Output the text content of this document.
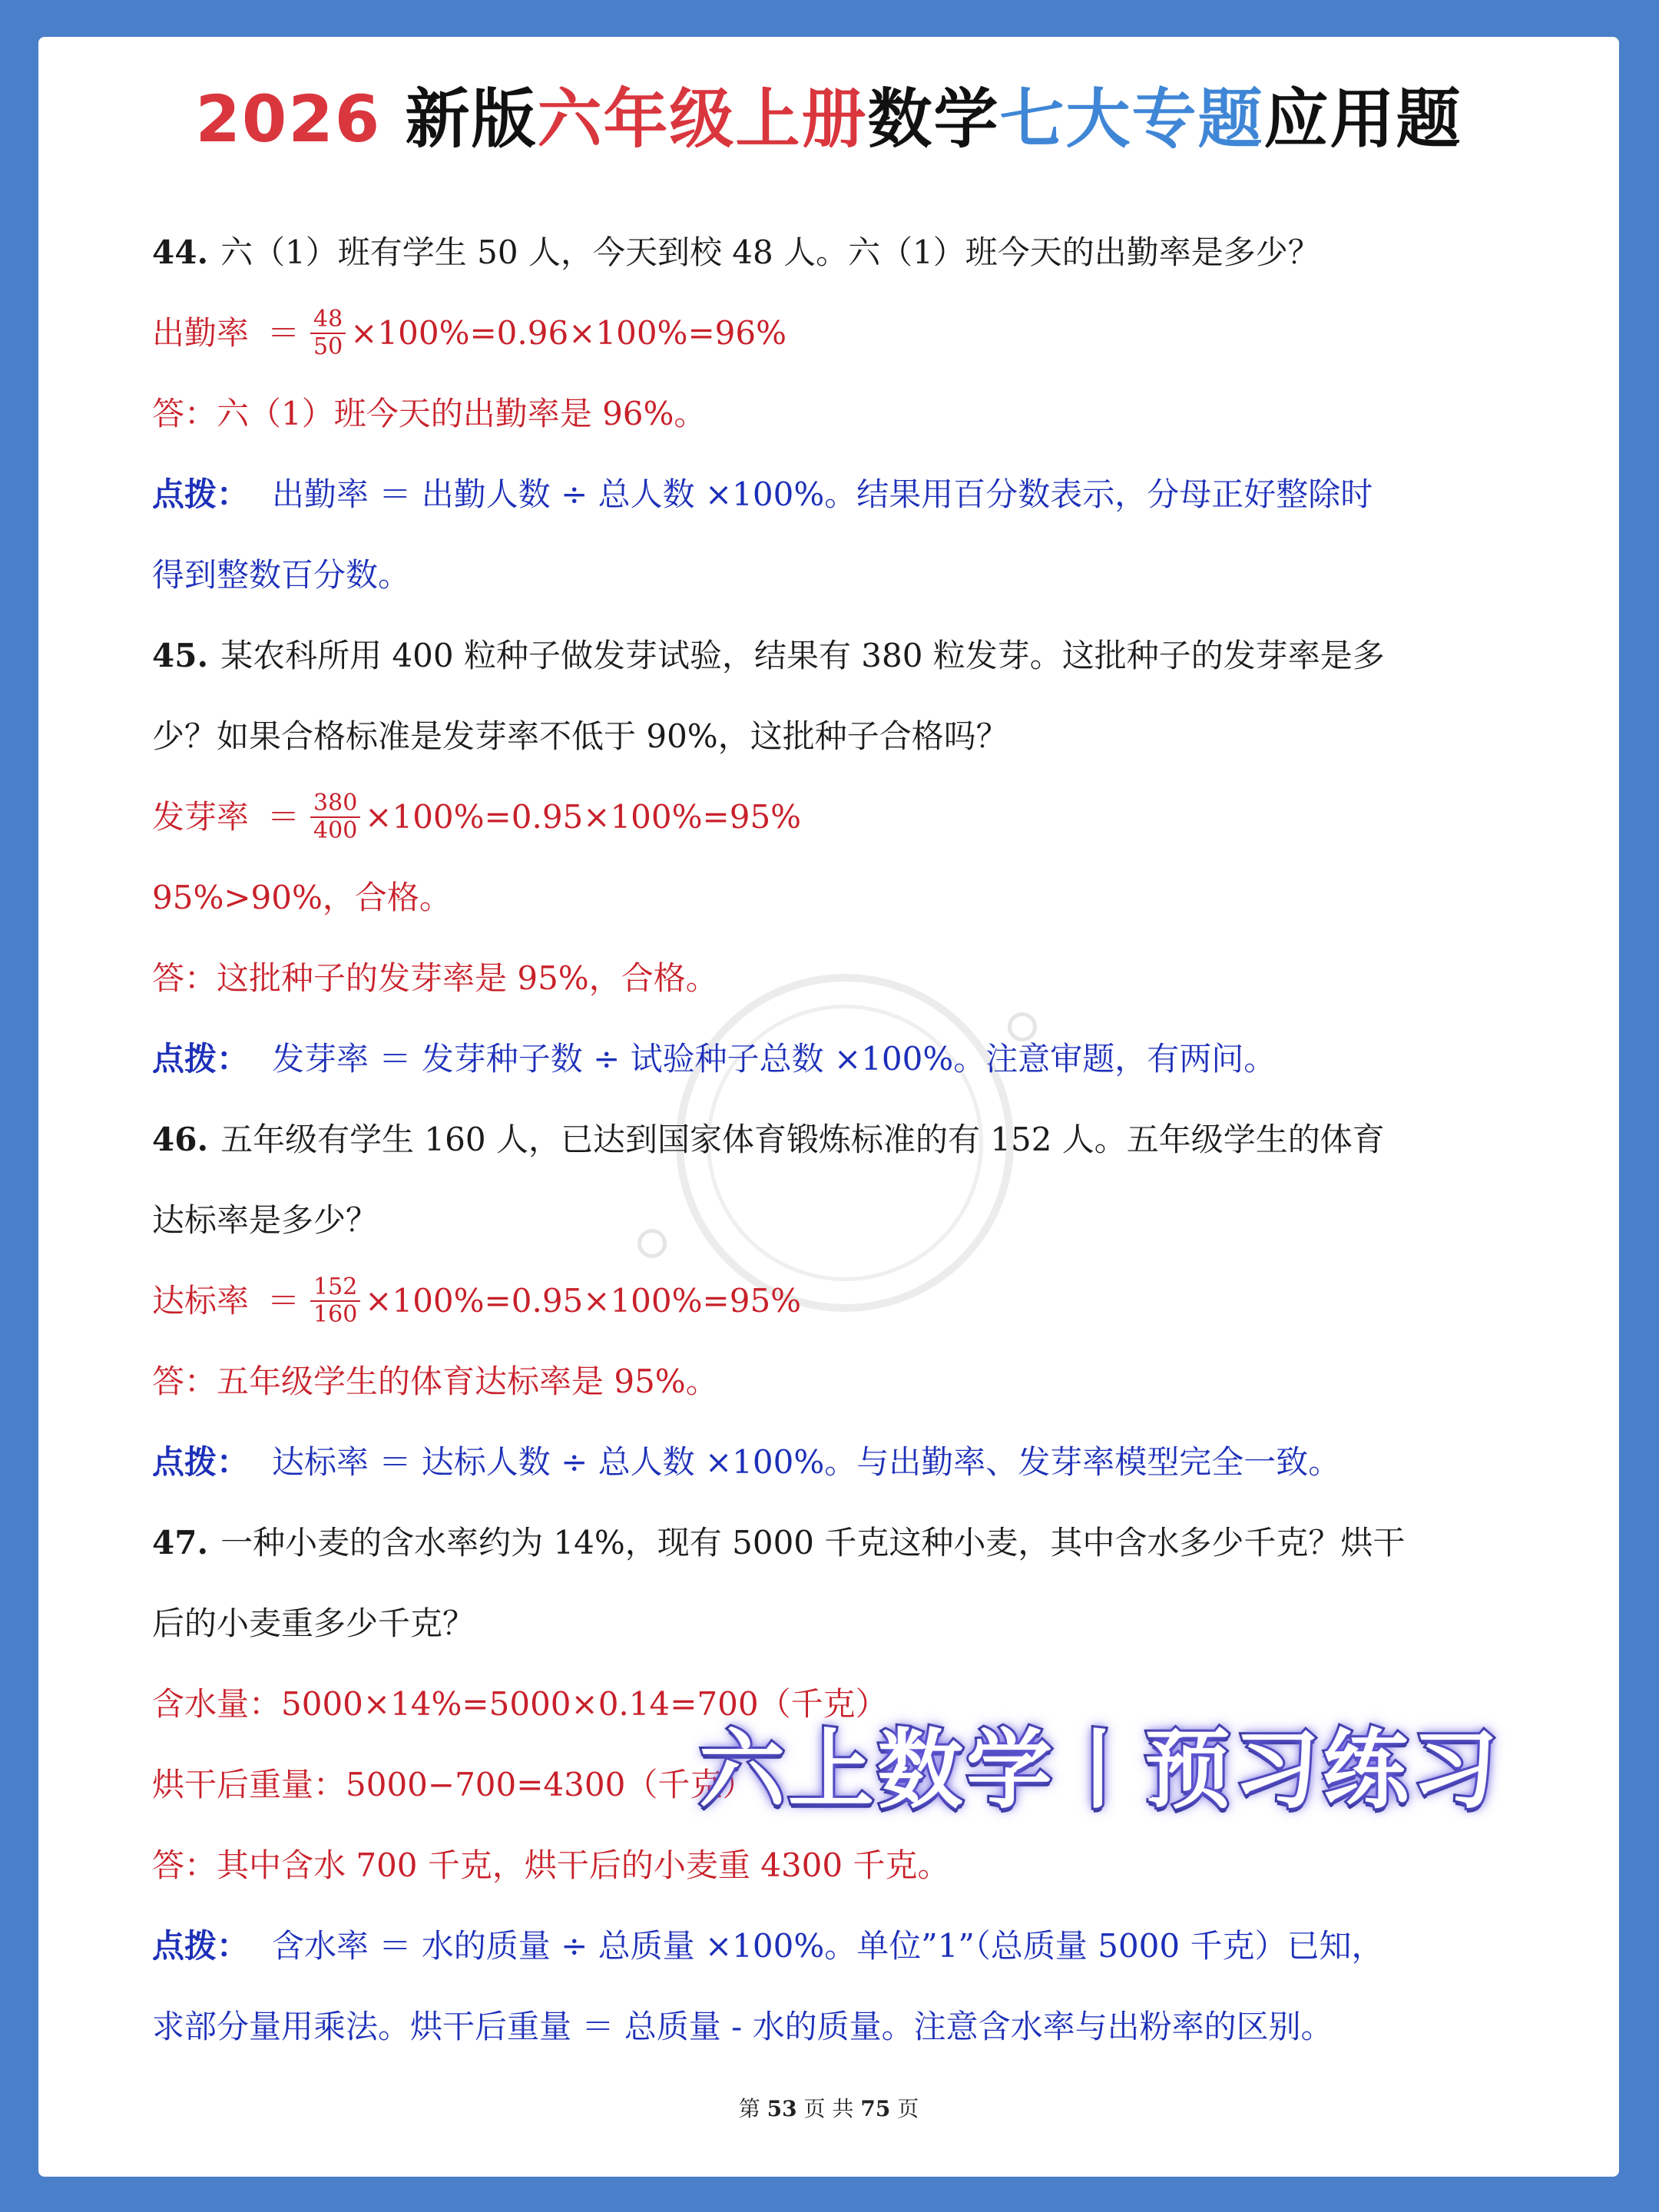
2026 新版六年级上册数学七大专题应用题
44. 六（1）班有学生 50 人，今天到校 48 人。六（1）班今天的出勤率是多少？
出勤率 ＝ $\frac{48}{50} \times 100\%=0.96\times 100\%=96\%$
答：六（1）班今天的出勤率是 96%。
点拨： 出勤率 ＝ 出勤人数 ÷ 总人数 ×100%。结果用百分数表示，分母正好整除时
得到整数百分数。
45. 某农科所用 400 粒种子做发芽试验，结果有 380 粒发芽。这批种子的发芽率是多
少？如果合格标准是发芽率不低于 90%，这批种子合格吗？
发芽率 ＝ $\frac{380}{400} \times 100\%=0.95\times 100\%=95\%$
95%>90%，合格。
答：这批种子的发芽率是 95%，合格。
点拨： 发芽率 ＝ 发芽种子数 ÷ 试验种子总数 ×100%。注意审题，有两问。
46. 五年级有学生 160 人，已达到国家体育锻炼标准的有 152 人。五年级学生的体育
达标率是多少？
达标率 ＝ $\frac{152}{160} \times 100\%=0.95\times 100\%=95\%$
答：五年级学生的体育达标率是 95%。
点拨： 达标率 ＝ 达标人数 ÷ 总人数 ×100%。与出勤率、发芽率模型完全一致。
47. 一种小麦的含水率约为 14%，现有 5000 千克这种小麦，其中含水多少千克？烘干
后的小麦重多少千克？
含水量：5000×14%=5000×0.14=700（千克）
烘干后重量：5000−700=4300（千克）
答：其中含水 700 千克，烘干后的小麦重 4300 千克。
点拨： 含水率 ＝ 水的质量 ÷ 总质量 ×100%。单位”1”（总质量 5000 千克）已知，
求部分量用乘法。烘干后重量 ＝ 总质量 - 水的质量。注意含水率与出粉率的区别。
第 53 页 共 75 页
六上数学丨预习练习
